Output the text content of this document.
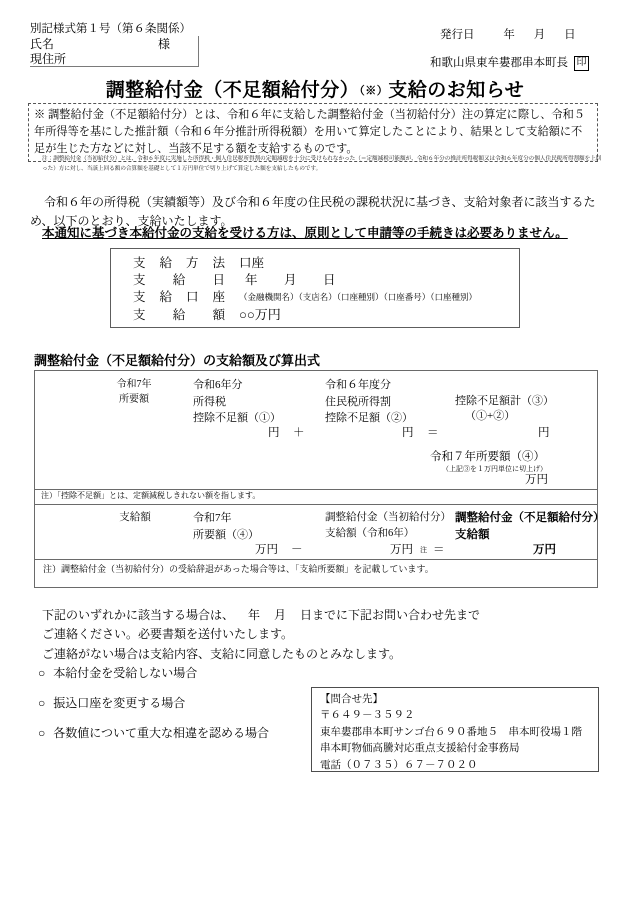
別記様式第１号（第６条関係）
氏名	様
現住所
発行日	年 月 日
和歌山県東牟婁郡串本町長 印
調整給付金（不足額給付分）（※）支給のお知らせ
※ 調整給付金（不足額給付分）とは、令和６年に支給した調整給付金（当初給付分）注の算定に際し、令和５年所得等を基にした推計額（令和６年分推計所得税額）を用いて算定したことにより、結果として支給額に不足が生じた方などに対し、当該不足する額を支給するものです。
注：調整給付金（当初給付分）とは、令和６年度に実施した所得税・個人住民税所得割の定額減税を十分に受けられなかった（＝定額減税可能額が、令和６年分の推計所得税額又は令和６年度分の個人住民税所得割額を上回った）方に対し、当該上回る額の合算額を基礎として１万円単位で切り上げて算定した額を支給したものです。
令和６年の所得税（実績額等）及び令和６年度の住民税の課税状況に基づき、支給対象者に該当するため、以下のとおり、支給いたします。
本通知に基づき本給付金の支給を受ける方は、原則として申請等の手続きは必要ありません。
支給方法 口座
支給日 年　月　日
支給口座 （金融機関名）（支店名）（口座種別）（口座番号）（口座種別）
支給額 ○○万円
調整給付金（不足額給付分）の支給額及び算出式
令和7年
所要額
令和6年分
所得税
控除不足額（①）
令和６年度分
住民税所得割
控除不足額（②）
控除不足額計（③）
（①+②）
円 ＋	円 ＝	円
令和７年所要額（④）
（上記③を１万円単位に切上げ）
万円
注）「控除不足額」とは、定額減税しきれない額を指します。
支給額	令和7年
所要額（④）
調整給付金（当初給付分）
支給額（令和6年）
調整給付金（不足額給付分）
支給額
万円 －	万円 注 ＝	万円
注）調整給付金（当初給付分）の受給辞退があった場合等は、「支給所要額」を記載しています。
下記のいずれかに該当する場合は、 年 月 日までに下記お問い合わせ先まで
ご連絡ください。必要書類を送付いたします。
ご連絡がない場合は支給内容、支給に同意したものとみなします。
○ 本給付金を受給しない場合
○ 振込口座を変更する場合
○ 各数値について重大な相違を認める場合
【問合せ先】
〒６４９－３５９２
東牟婁郡串本町サンゴ台６９０番地５　串本町役場１階
串本町物価高騰対応重点支援給付金事務局
電話（０７３５）６７－７０２０
